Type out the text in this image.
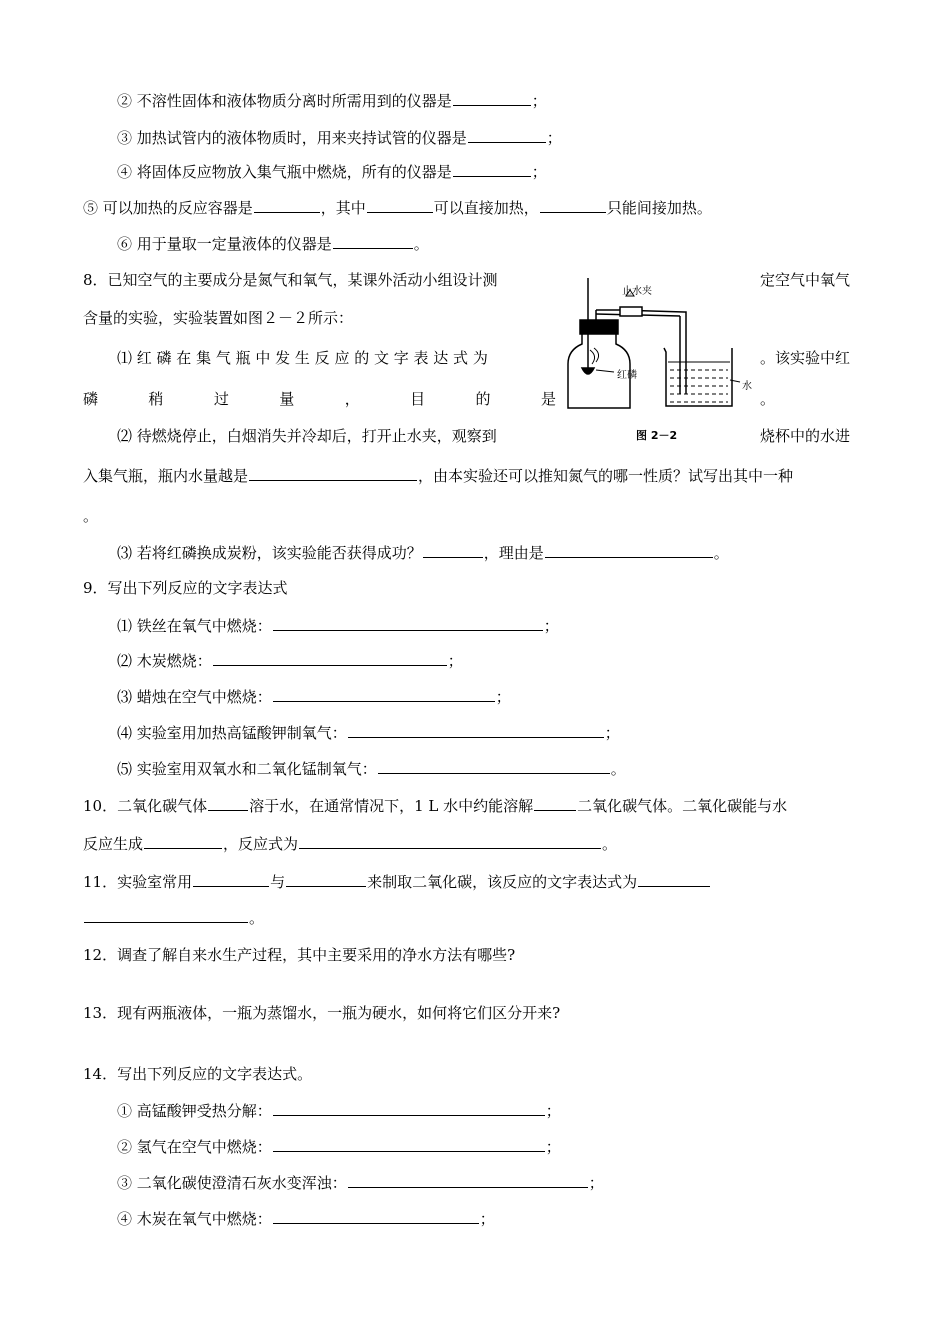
② 不溶性固体和液体物质分离时所需用到的仪器是	；
③ 加热试管内的液体物质时，用来夹持试管的仪器是	；
④ 将固体反应物放入集气瓶中燃烧，所有的仪器是	；
⑤ 可以加热的反应容器是	，其中	可以直接加热，	只能间接加热。
⑥ 用于量取一定量液体的仪器是	。
8．已知空气的主要成分是氮气和氧气，某课外活动小组设计测	定空气中氧气
含量的实验，实验装置如图２－２所示：
⑴ 红 磷 在 集 气 瓶 中 发 生 反 应 的 文 字 表 达 式 为	。该实验中红
磷	稍	过	量	，	目	的	是	。
⑵ 待燃烧停止，白烟消失并冷却后，打开止水夹，观察到	烧杯中的水进
入集气瓶，瓶内水量越是	，由本实验还可以推知氮气的哪一性质？试写出其中一种
。
⑶ 若将红磷换成炭粉，该实验能否获得成功？	，理由是	。
止水夹
红磷
水
图 2－2
9．写出下列反应的文字表达式
⑴ 铁丝在氧气中燃烧：	；
⑵ 木炭燃烧：	；
⑶ 蜡烛在空气中燃烧：	；
⑷ 实验室用加热高锰酸钾制氧气：	；
⑸ 实验室用双氧水和二氧化锰制氧气：	。
10．二氧化碳气体	溶于水，在通常情况下，1 L 水中约能溶解	二氧化碳气体。二氧化碳能与水
反应生成	，反应式为	。
11．实验室常用	与	来制取二氧化碳，该反应的文字表达式为
。
12．调查了解自来水生产过程，其中主要采用的净水方法有哪些?
13．现有两瓶液体，一瓶为蒸馏水，一瓶为硬水，如何将它们区分开来?
14．写出下列反应的文字表达式。
① 高锰酸钾受热分解：	；
② 氢气在空气中燃烧：	；
③ 二氧化碳使澄清石灰水变浑浊：	；
④ 木炭在氧气中燃烧：	；
